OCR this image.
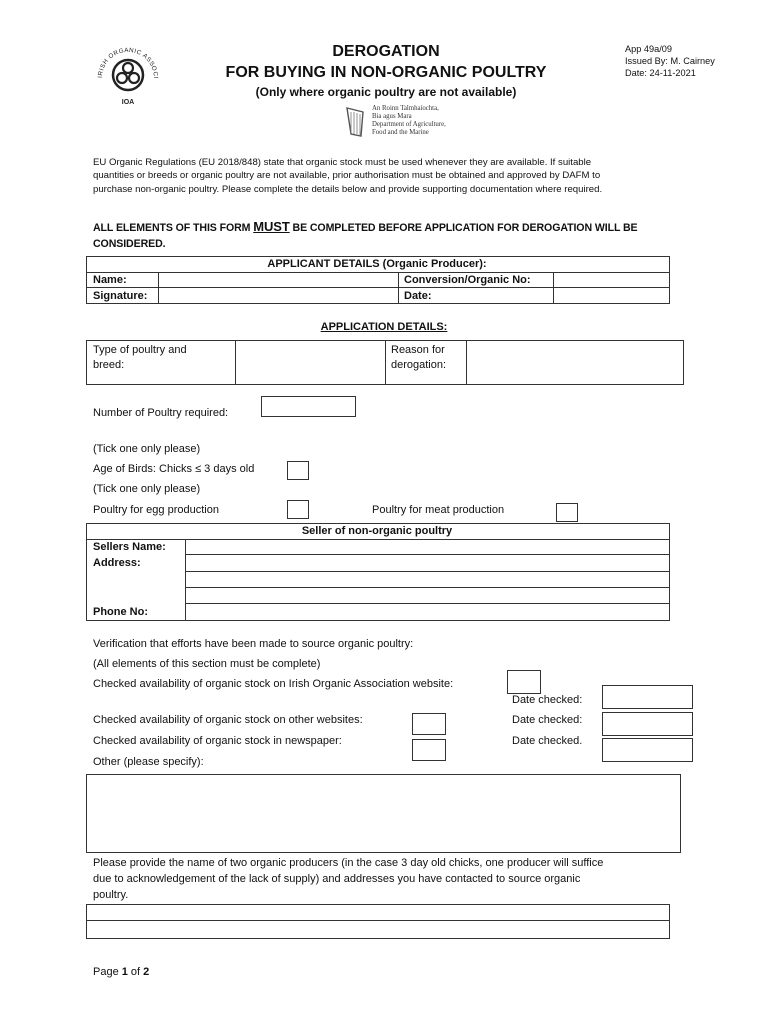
IRISH ORGANIC ASSOCI
IOA
DEROGATION
FOR BUYING IN NON-ORGANIC POULTRY
(Only where organic poultry are not available)
App 49a/09
Issued By: M. Cairney
Date: 24-11-2021
An Roinn Talmhaíochta,
Bia agus Mara
Department of Agriculture,
Food and the Marine
EU Organic Regulations (EU 2018/848) state that organic stock must be used whenever they are available. If suitable
quantities or breeds or organic poultry are not available, prior authorisation must be obtained and approved by DAFM to
purchase non-organic poultry. Please complete the details below and provide supporting documentation where required.
ALL ELEMENTS OF THIS FORM MUST BE COMPLETED BEFORE APPLICATION FOR DEROGATION WILL BE
CONSIDERED.
APPLICANT DETAILS (Organic Producer):
Name:	Conversion/Organic No:
Signature:	Date:
APPLICATION DETAILS:
Type of poultry and
breed:
Reason for
derogation:
Number of Poultry required:
(Tick one only please)
Age of Birds: Chicks ≤ 3 days old
(Tick one only please)
Poultry for egg production	Poultry for meat production
Seller of non-organic poultry
Sellers Name:
Address:
Phone No:
Verification that efforts have been made to source organic poultry:
(All elements of this section must be complete)
Checked availability of organic stock on Irish Organic Association website:
Date checked:
Checked availability of organic stock on other websites:	Date checked:
Checked availability of organic stock in newspaper:	Date checked.
Other (please specify):
Please provide the name of two organic producers (in the case 3 day old chicks, one producer will suffice
due to acknowledgement of the lack of supply) and addresses you have contacted to source organic
poultry.
Page 1 of 2
